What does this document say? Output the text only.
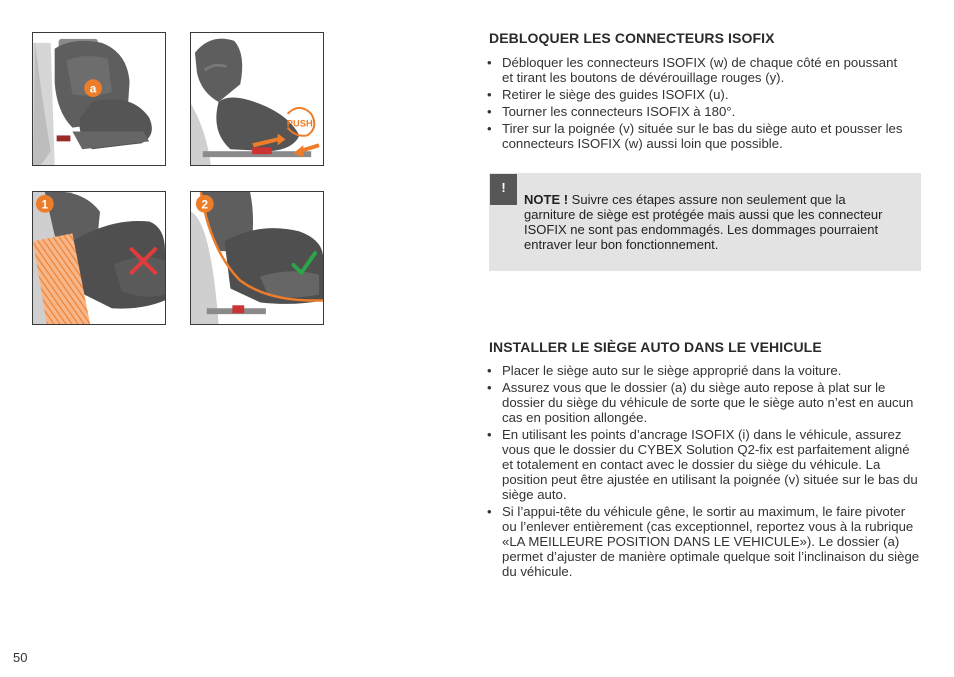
a
PUSH!
1	2
DEBLOQUER LES CONNECTEURS ISOFIX
• Débloquer les connecteurs ISOFIX (w) de chaque côté en poussant et tirant les boutons de dévérouillage rouges (y).
• Retirer le siège des guides ISOFIX (u).
• Tourner les connecteurs ISOFIX à 180°.
• Tirer sur la poignée (v) située sur le bas du siège auto et pousser les connecteurs ISOFIX (w) aussi loin que possible.
!
NOTE ! Suivre ces étapes assure non seulement que la garniture de siège est protégée mais aussi que les connecteur ISOFIX ne sont pas endommagés. Les dommages pourraient entraver leur bon fonctionnement.
INSTALLER LE SIÈGE AUTO DANS LE VEHICULE
• Placer le siège auto sur le siège approprié dans la voiture.
• Assurez vous que le dossier (a) du siège auto repose à plat sur le dossier du siège du véhicule de sorte que le siège auto n’est en aucun cas en position allongée.
• En utilisant les points d’ancrage ISOFIX (i) dans le véhicule, assurez vous que le dossier du CYBEX Solution Q2-fix est parfaitement aligné et totalement en contact avec le dossier du siège du véhicule. La position peut être ajustée en utilisant la poignée (v) située sur le bas du siège auto.
• Si l’appui-tête du véhicule gêne, le sortir au maximum, le faire pivoter ou l’enlever entièrement (cas exceptionnel, reportez vous à la rubrique «LA MEILLEURE POSITION DANS LE VEHICULE»). Le dossier (a) permet d’ajuster de manière optimale quelque soit l’inclinaison du siège du véhicule.
50
